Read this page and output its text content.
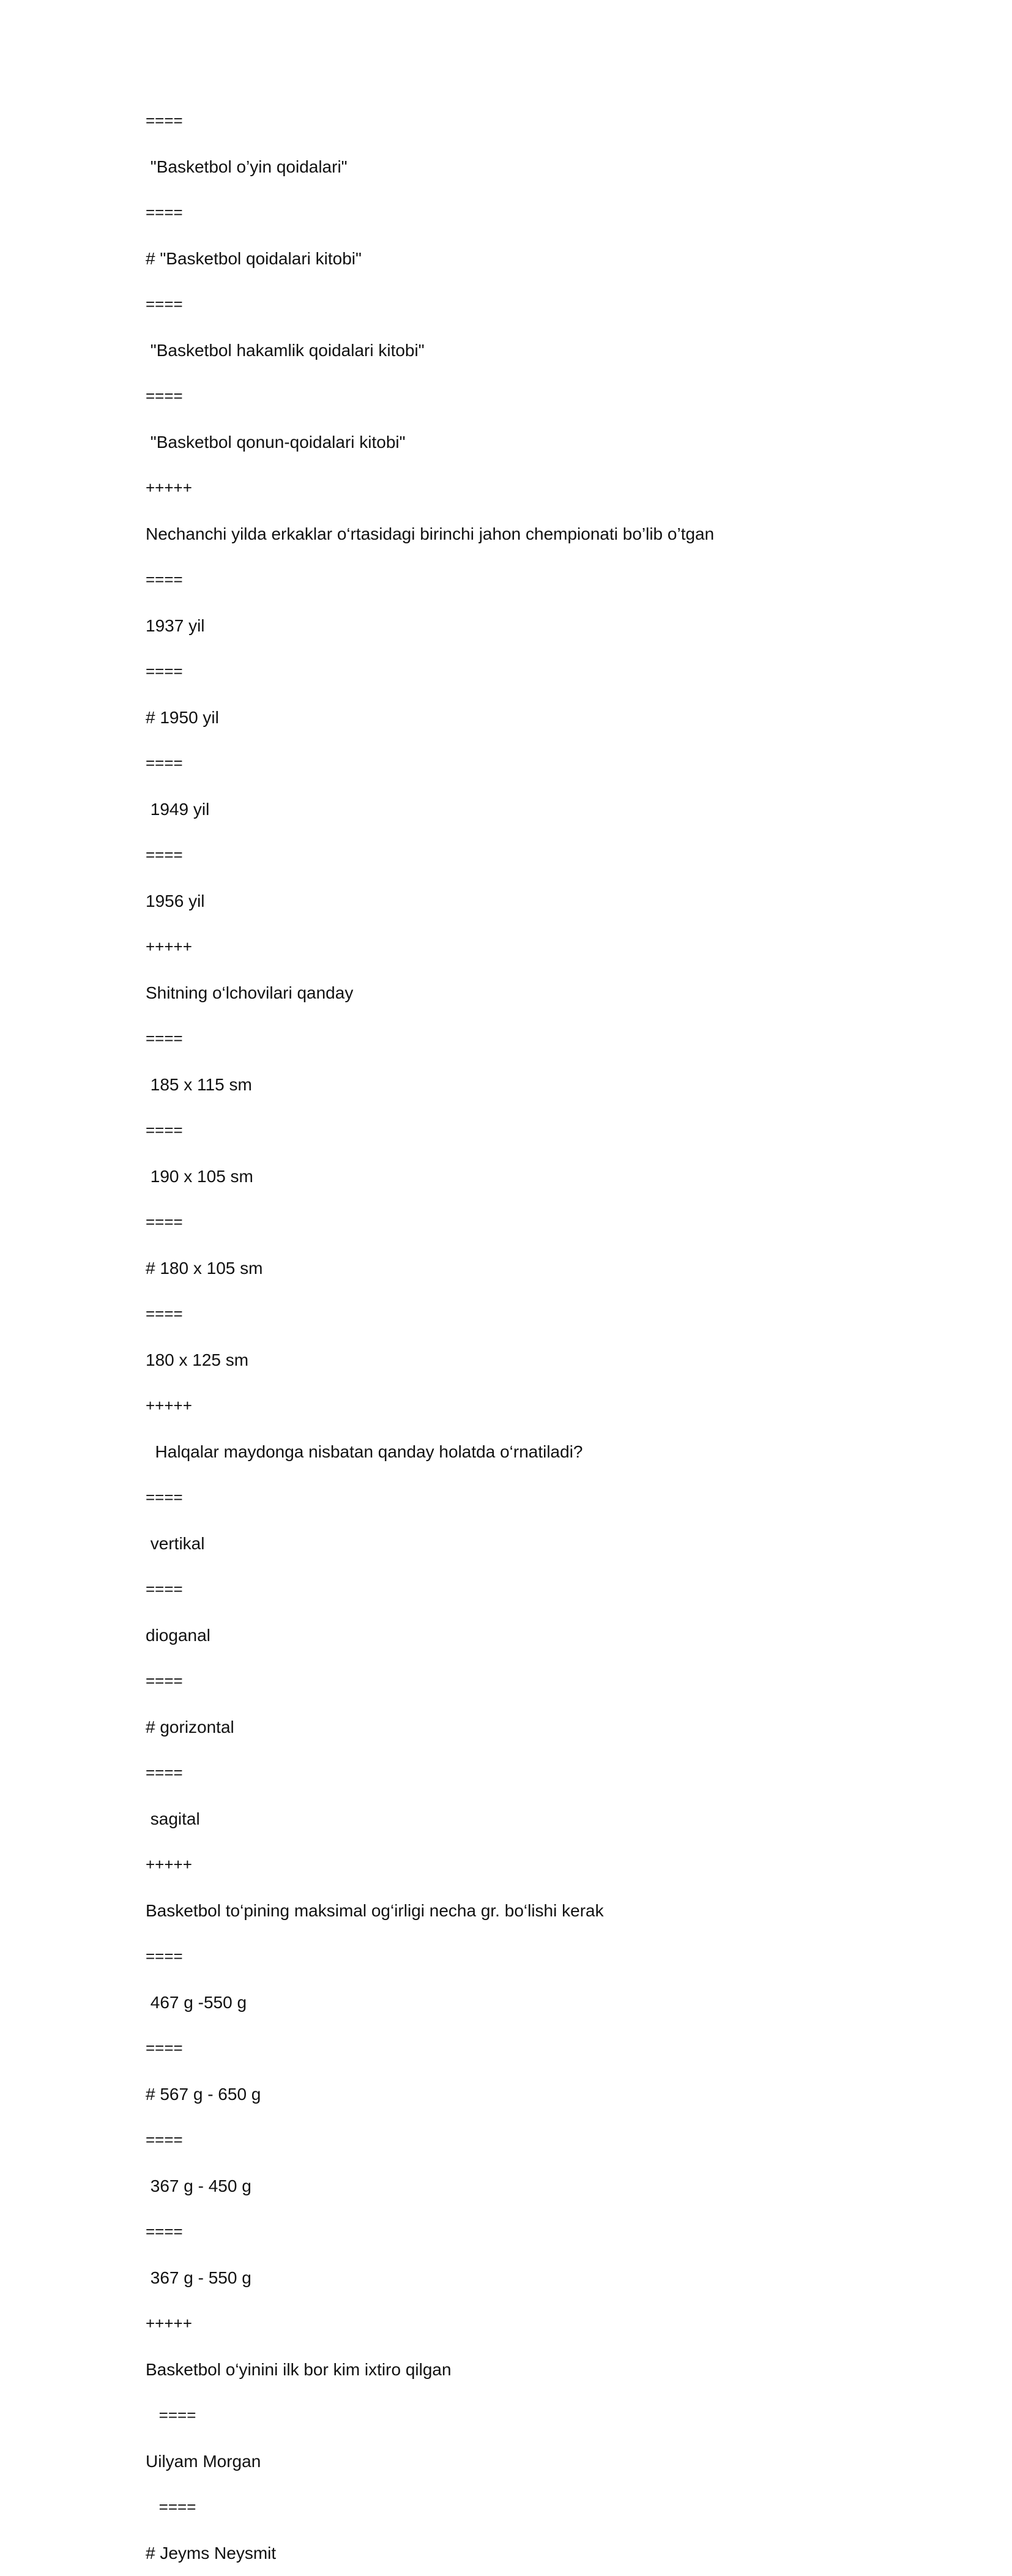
====
"Basketbol o’yin qoidalari"
====
# "Basketbol qoidalari kitobi"
====
"Basketbol hakamlik qoidalari kitobi"
====
"Basketbol qonun-qoidalari kitobi"
+++++
Nechanchi yilda erkaklar o‘rtasidagi birinchi jahon chempionati bo’lib o’tgan
====
1937 yil
====
# 1950 yil
====
1949 yil
====
1956 yil
+++++
Shitning o‘lchovilari qanday
====
185 x 115 sm
====
190 x 105 sm
====
# 180 x 105 sm
====
180 x 125 sm
+++++
Halqalar maydonga nisbatan qanday holatda o‘rnatiladi?
====
vertikal
====
dioganal
====
# gorizontal
====
sagital
+++++
Basketbol to‘pining maksimal og‘irligi necha gr. bo‘lishi kerak
====
467 g -550 g
====
# 567 g - 650 g
====
367 g - 450 g
====
367 g - 550 g
+++++
Basketbol o‘yinini ilk bor kim ixtiro qilgan
====
Uilyam Morgan
====
# Jeyms Neysmit
